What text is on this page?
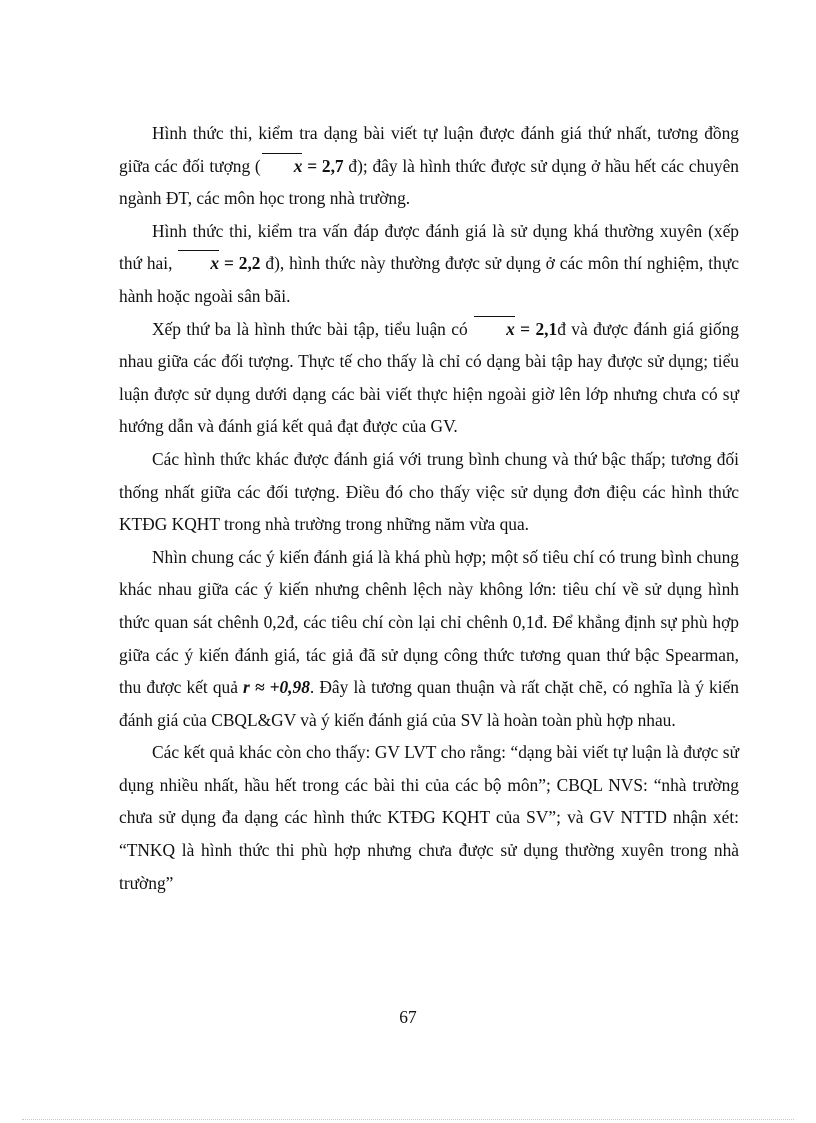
Hình thức thi, kiểm tra dạng bài viết tự luận được đánh giá thứ nhất, tương đồng giữa các đối tượng ( x = 2,7 đ); đây là hình thức được sử dụng ở hầu hết các chuyên ngành ĐT, các môn học trong nhà trường.

Hình thức thi, kiểm tra vấn đáp được đánh giá là sử dụng khá thường xuyên (xếp thứ hai, x = 2,2 đ), hình thức này thường được sử dụng ở các môn thí nghiệm, thực hành hoặc ngoài sân bãi.

Xếp thứ ba là hình thức bài tập, tiểu luận có x = 2,1đ và được đánh giá giống nhau giữa các đối tượng. Thực tế cho thấy là chỉ có dạng bài tập hay được sử dụng; tiểu luận được sử dụng dưới dạng các bài viết thực hiện ngoài giờ lên lớp nhưng chưa có sự hướng dẫn và đánh giá kết quả đạt được của GV.

Các hình thức khác được đánh giá với trung bình chung và thứ bậc thấp; tương đối thống nhất giữa các đối tượng. Điều đó cho thấy việc sử dụng đơn điệu các hình thức KTĐG KQHT trong nhà trường trong những năm vừa qua.

Nhìn chung các ý kiến đánh giá là khá phù hợp; một số tiêu chí có trung bình chung khác nhau giữa các ý kiến nhưng chênh lệch này không lớn: tiêu chí về sử dụng hình thức quan sát chênh 0,2đ, các tiêu chí còn lại chỉ chênh 0,1đ. Để khẳng định sự phù hợp giữa các ý kiến đánh giá, tác giả đã sử dụng công thức tương quan thứ bậc Spearman, thu được kết quả r ≈ +0,98. Đây là tương quan thuận và rất chặt chẽ, có nghĩa là ý kiến đánh giá của CBQL&GV và ý kiến đánh giá của SV là hoàn toàn phù hợp nhau.

Các kết quả khác còn cho thấy: GV LVT cho rằng: “dạng bài viết tự luận là được sử dụng nhiều nhất, hầu hết trong các bài thi của các bộ môn”; CBQL NVS: “nhà trường chưa sử dụng đa dạng các hình thức KTĐG KQHT của SV”; và GV NTTD nhận xét: “TNKQ là hình thức thi phù hợp nhưng chưa được sử dụng thường xuyên trong nhà trường”

67
